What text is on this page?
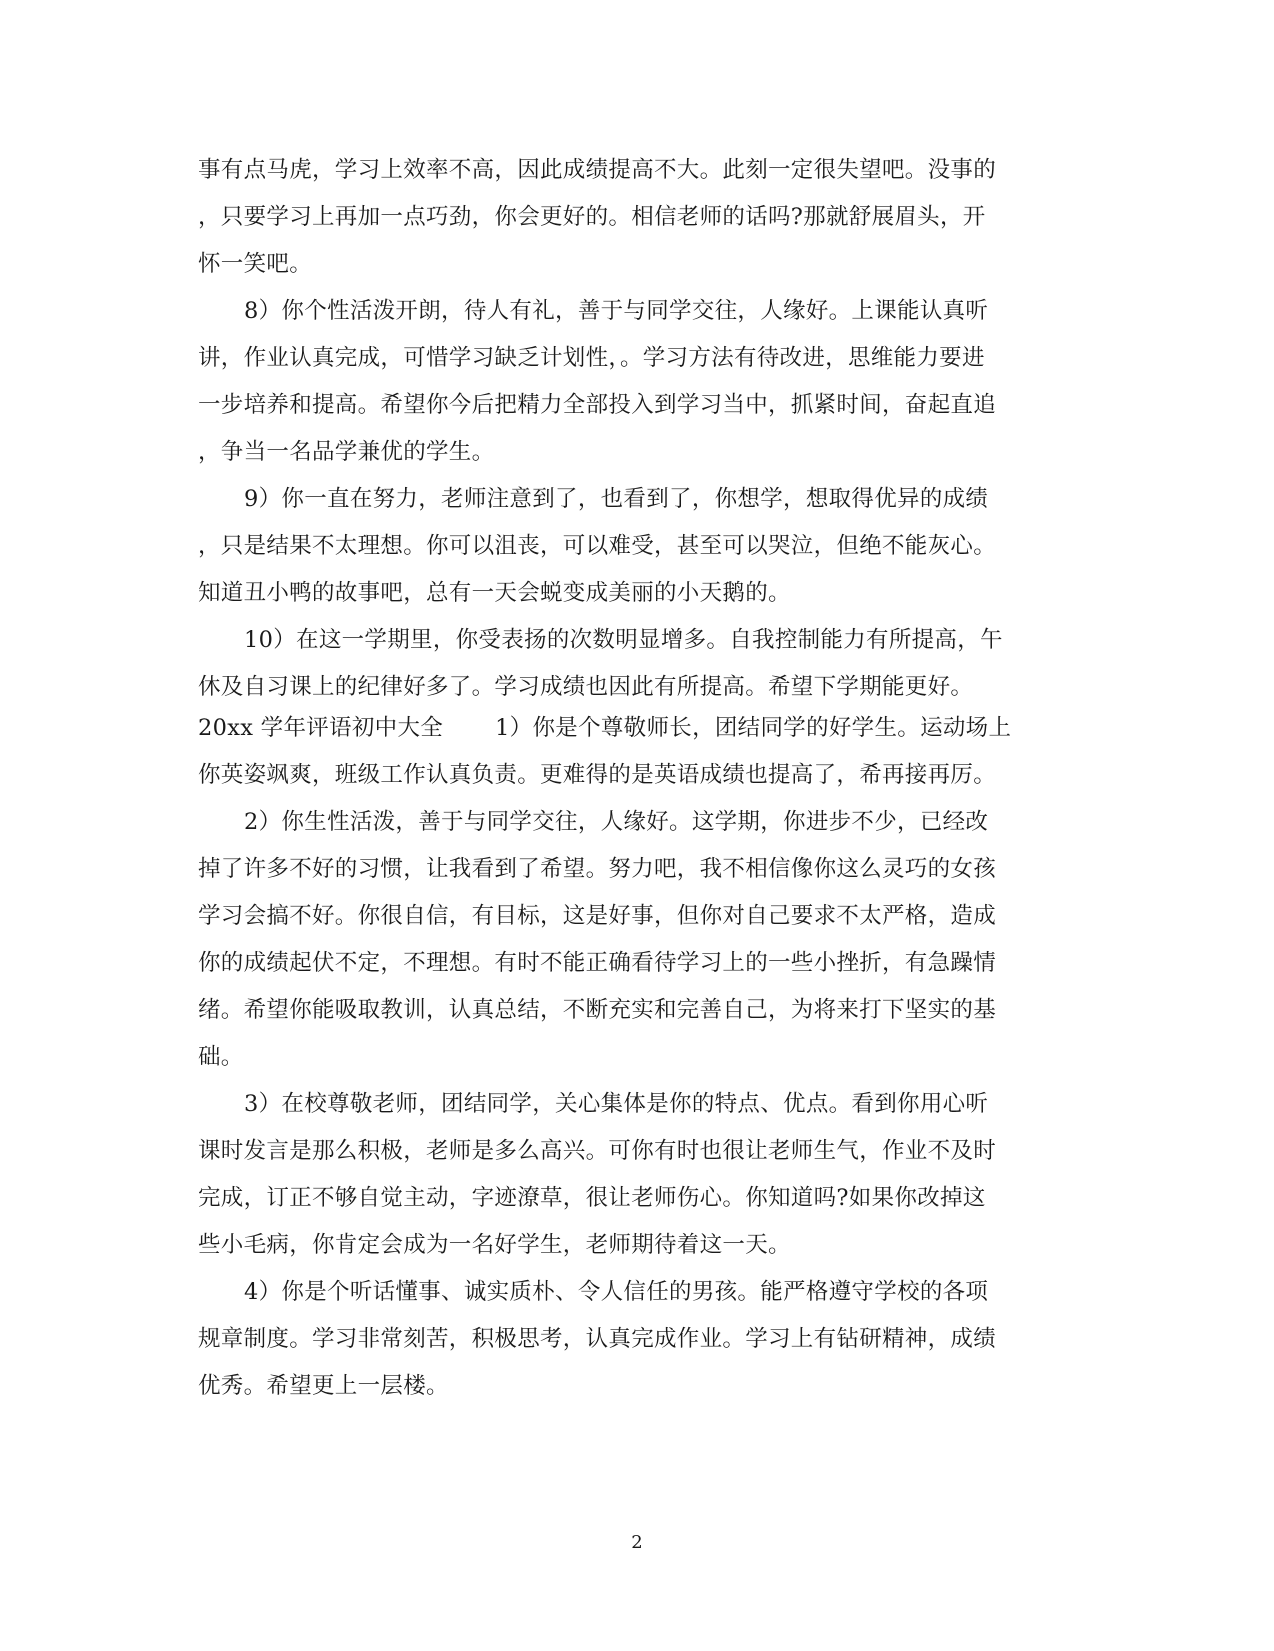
事有点马虎，学习上效率不高，因此成绩提高不大。此刻一定很失望吧。没事的
，只要学习上再加一点巧劲，你会更好的。相信老师的话吗?那就舒展眉头，开
怀一笑吧。
8）你个性活泼开朗，待人有礼，善于与同学交往，人缘好。上课能认真听
讲，作业认真完成，可惜学习缺乏计划性，。学习方法有待改进，思维能力要进
一步培养和提高。希望你今后把精力全部投入到学习当中，抓紧时间，奋起直追
，争当一名品学兼优的学生。
9）你一直在努力，老师注意到了，也看到了，你想学，想取得优异的成绩
，只是结果不太理想。你可以沮丧，可以难受，甚至可以哭泣，但绝不能灰心。
知道丑小鸭的故事吧，总有一天会蜕变成美丽的小天鹅的。
10）在这一学期里，你受表扬的次数明显增多。自我控制能力有所提高，午
休及自习课上的纪律好多了。学习成绩也因此有所提高。希望下学期能更好。
20xx 学年评语初中大全 1）你是个尊敬师长，团结同学的好学生。运动场上
你英姿飒爽，班级工作认真负责。更难得的是英语成绩也提高了，希再接再厉。
2）你生性活泼，善于与同学交往，人缘好。这学期，你进步不少，已经改
掉了许多不好的习惯，让我看到了希望。努力吧，我不相信像你这么灵巧的女孩
学习会搞不好。你很自信，有目标，这是好事，但你对自己要求不太严格，造成
你的成绩起伏不定，不理想。有时不能正确看待学习上的一些小挫折，有急躁情
绪。希望你能吸取教训，认真总结，不断充实和完善自己，为将来打下坚实的基
础。
3）在校尊敬老师，团结同学，关心集体是你的特点、优点。看到你用心听
课时发言是那么积极，老师是多么高兴。可你有时也很让老师生气，作业不及时
完成，订正不够自觉主动，字迹潦草，很让老师伤心。你知道吗?如果你改掉这
些小毛病，你肯定会成为一名好学生，老师期待着这一天。
4）你是个听话懂事、诚实质朴、令人信任的男孩。能严格遵守学校的各项
规章制度。学习非常刻苦，积极思考，认真完成作业。学习上有钻研精神，成绩
优秀。希望更上一层楼。
2
